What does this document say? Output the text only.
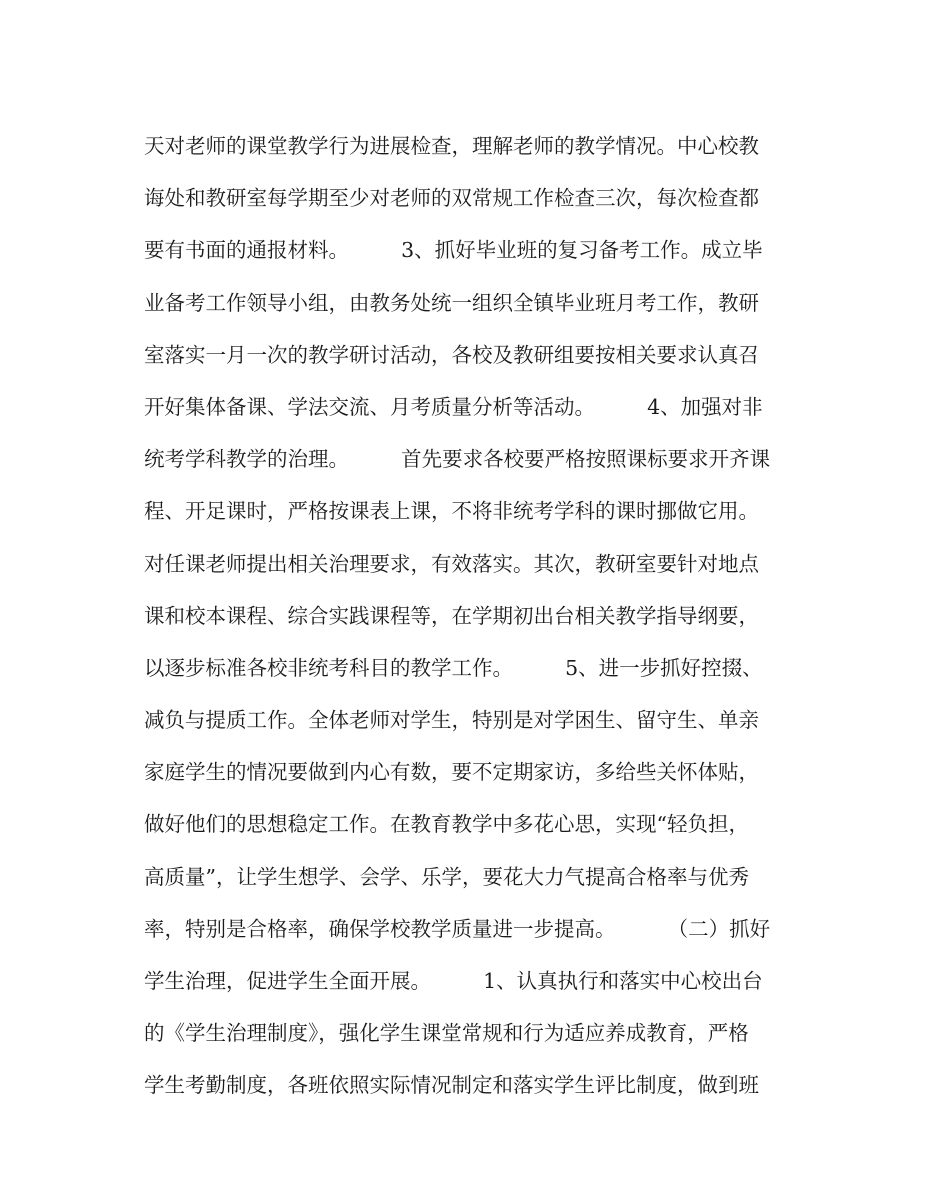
天对老师的课堂教学行为进展检查，理解老师的教学情况。中心校教
诲处和教研室每学期至少对老师的双常规工作检查三次，每次检查都
要有书面的通报材料。        3、抓好毕业班的复习备考工作。成立毕
业备考工作领导小组，由教务处统一组织全镇毕业班月考工作，教研
室落实一月一次的教学研讨活动，各校及教研组要按相关要求认真召
开好集体备课、学法交流、月考质量分析等活动。        4、加强对非
统考学科教学的治理。        首先要求各校要严格按照课标要求开齐课
程、开足课时，严格按课表上课，不将非统考学科的课时挪做它用。
对任课老师提出相关治理要求，有效落实。其次，教研室要针对地点
课和校本课程、综合实践课程等，在学期初出台相关教学指导纲要，
以逐步标准各校非统考科目的教学工作。        5、进一步抓好控掇、
减负与提质工作。全体老师对学生，特别是对学困生、留守生、单亲
家庭学生的情况要做到内心有数，要不定期家访，多给些关怀体贴，
做好他们的思想稳定工作。在教育教学中多花心思，实现“轻负担，
高质量”，让学生想学、会学、乐学，要花大力气提高合格率与优秀
率，特别是合格率，确保学校教学质量进一步提高。        （二）抓好
学生治理，促进学生全面开展。        1、认真执行和落实中心校出台
的《学生治理制度》，强化学生课堂常规和行为适应养成教育，严格
学生考勤制度，各班依照实际情况制定和落实学生评比制度，做到班
